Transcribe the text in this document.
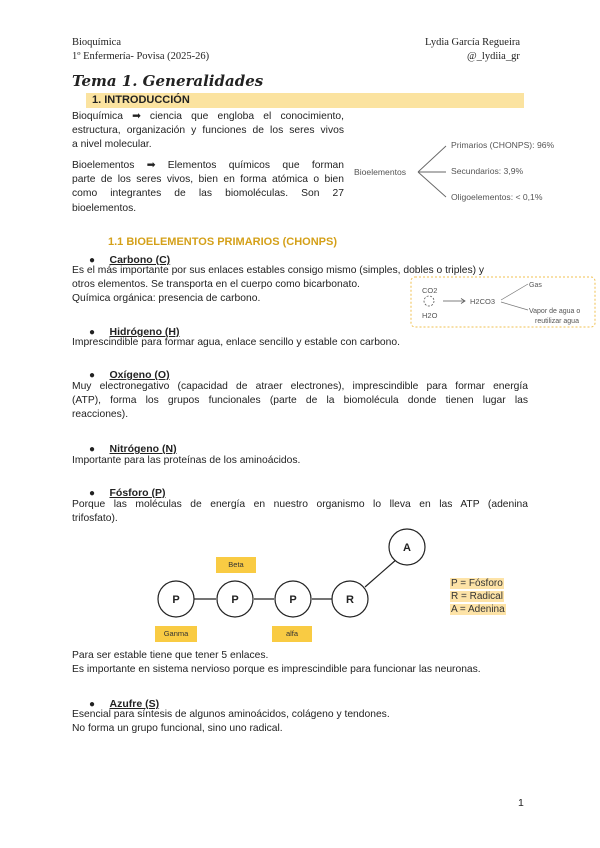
Bioquímica
1º Enfermería- Povisa (2025-26)
Lydia García Regueira
@_lydiia_gr
Tema 1. Generalidades
1. INTRODUCCIÓN
Bioquímica ➡ ciencia que engloba el conocimiento,
estructura, organización y funciones de los seres vivos
a nivel molecular.
Bioelementos ➡ Elementos químicos que forman
parte de los seres vivos, bien en forma atómica o bien
como integrantes de las biomoléculas. Son 27
bioelementos.
Bioelementos
Primarios (CHONPS): 96%
Secundarios: 3,9%
Oligoelementos: < 0,1%
1.1 BIOELEMENTOS PRIMARIOS (CHONPS)
● Carbono (C)
Es el más importante por sus enlaces estables consigo mismo (simples, dobles o triples) y
otros elementos. Se transporta en el cuerpo como bicarbonato.
Química orgánica: presencia de carbono.
CO2
H2O
H2CO3
Gas
Vapor de agua o
reutilizar agua
● Hidrógeno (H)
Imprescindible para formar agua, enlace sencillo y estable con carbono.
● Oxígeno (O)
Muy electronegativo (capacidad de atraer electrones), imprescindible para formar energía
(ATP), forma los grupos funcionales (parte de la biomolécula donde tienen lugar las
reacciones).
● Nitrógeno (N)
Importante para las proteínas de los aminoácidos.
● Fósforo (P)
Porque las moléculas de energía en nuestro organismo lo lleva en las ATP (adenina
trifosfato).
P	P	P	R
A
Beta
Ganma	alfa
P = Fósforo
R = Radical
A = Adenina
Para ser estable tiene que tener 5 enlaces.
Es importante en sistema nervioso porque es imprescindible para funcionar las neuronas.
● Azufre (S)
Esencial para síntesis de algunos aminoácidos, colágeno y tendones.
No forma un grupo funcional, sino uno radical.
1
